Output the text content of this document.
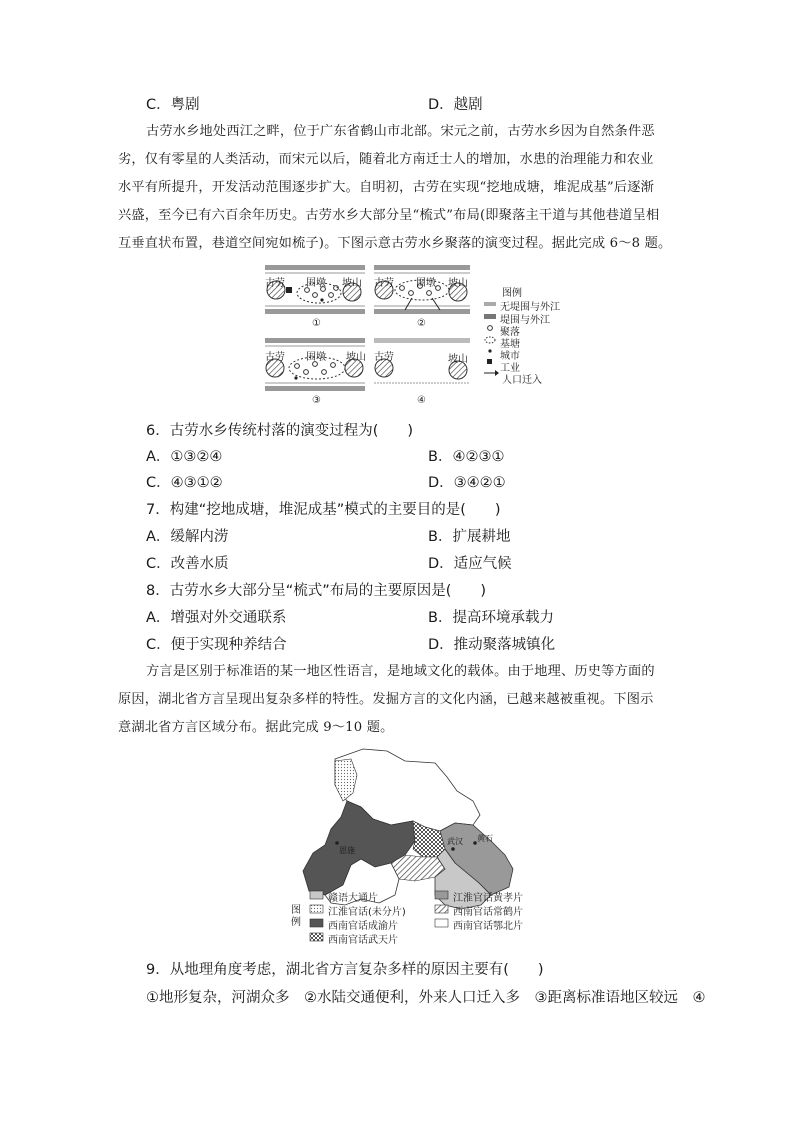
C．粤剧	D．越剧
古劳水乡地处西江之畔，位于广东省鹤山市北部。宋元之前，古劳水乡因为自然条件恶
劣，仅有零星的人类活动，而宋元以后，随着北方南迁士人的增加，水患的治理能力和农业
水平有所提升，开发活动范围逐步扩大。自明初，古劳在实现“挖地成塘，堆泥成基”后逐渐
兴盛，至今已有六百余年历史。古劳水乡大部分呈“梳式”布局(即聚落主干道与其他巷道呈相
互垂直状布置，巷道空间宛如梳子)。下图示意古劳水乡聚落的演变过程。据此完成 6～8 题。
古劳 围墩 坡山
①
古劳 围墩 坡山
②
古劳 围墩 坡山
③
古劳	坡山
④
图例
无堤围与外江
堤围与外江
聚落
基塘
城市
工业
人口迁入
6．古劳水乡传统村落的演变过程为(　　)
A．①③②④	B．④②③①
C．④③①②	D．③④②①
7．构建“挖地成塘，堆泥成基”模式的主要目的是(　　)
A．缓解内涝	B．扩展耕地
C．改善水质	D．适应气候
8．古劳水乡大部分呈“梳式”布局的主要原因是(　　)
A．增强对外交通联系	B．提高环境承载力
C．便于实现种养结合	D．推动聚落城镇化
方言是区别于标准语的某一地区性语言，是地域文化的载体。由于地理、历史等方面的
原因，湖北省方言呈现出复杂多样的特性。发掘方言的文化内涵，已越来越被重视。下图示
意湖北省方言区域分布。据此完成 9～10 题。
武汉 黄石
恩施
图例
赣语大通片	江淮官话黄孝片
江淮官话(未分片)	西南官话常鹤片
西南官话成渝片	西南官话鄂北片
西南官话武天片
9．从地理角度考虑，湖北省方言复杂多样的原因主要有(　　)
①地形复杂，河湖众多　②水陆交通便利，外来人口迁入多　③距离标准语地区较远　④
